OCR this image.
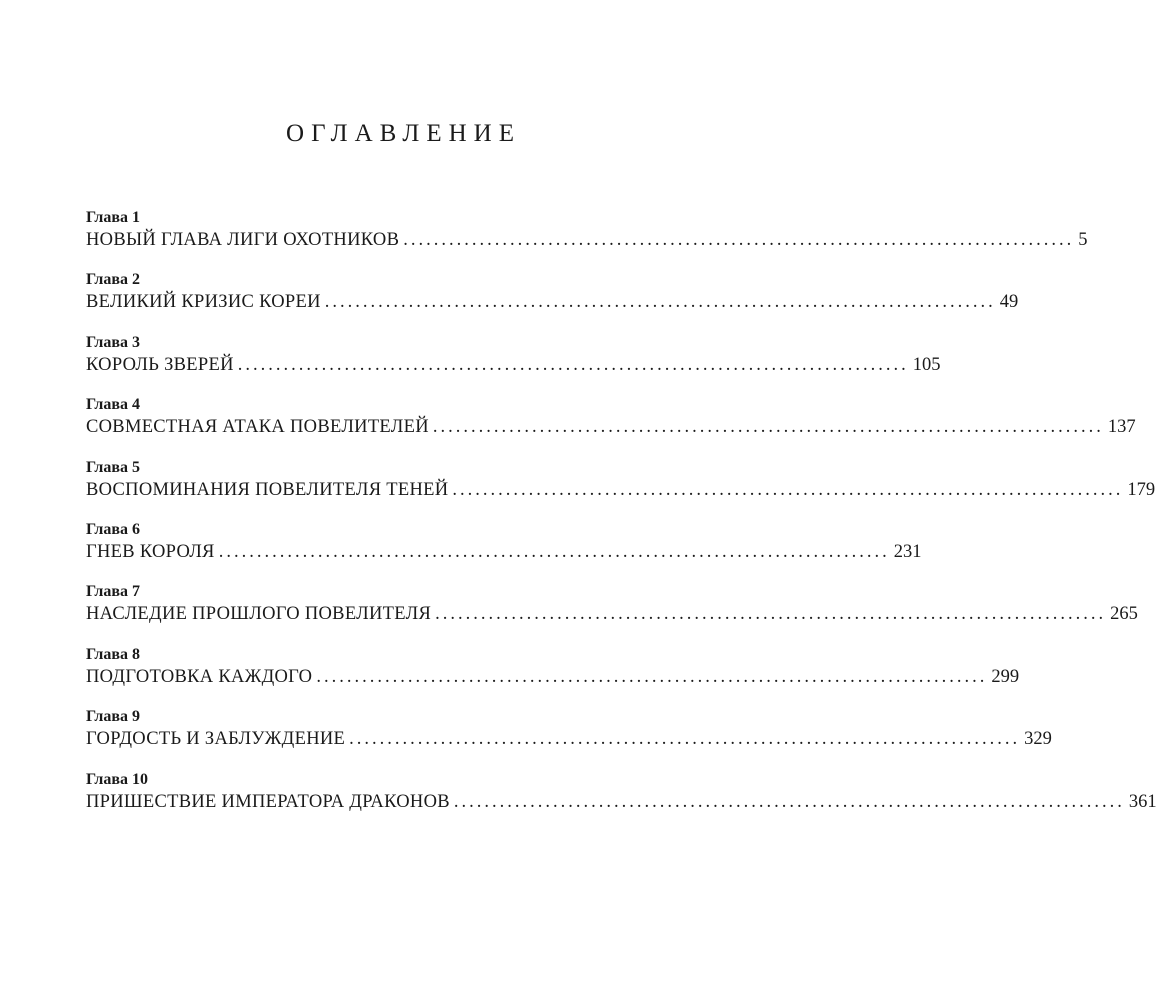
ОГЛАВЛЕНИЕ
Глава 1
НОВЫЙ ГЛАВА ЛИГИ ОХОТНИКОВ ........................................................................................ 5
Глава 2
ВЕЛИКИЙ КРИЗИС КОРЕИ ........................................................................................ 49
Глава 3
КОРОЛЬ ЗВЕРЕЙ ........................................................................................ 105
Глава 4
СОВМЕСТНАЯ АТАКА ПОВЕЛИТЕЛЕЙ ........................................................................................ 137
Глава 5
ВОСПОМИНАНИЯ ПОВЕЛИТЕЛЯ ТЕНЕЙ ........................................................................................ 179
Глава 6
ГНЕВ КОРОЛЯ ........................................................................................ 231
Глава 7
НАСЛЕДИЕ ПРОШЛОГО ПОВЕЛИТЕЛЯ ........................................................................................ 265
Глава 8
ПОДГОТОВКА КАЖДОГО ........................................................................................ 299
Глава 9
ГОРДОСТЬ И ЗАБЛУЖДЕНИЕ ........................................................................................ 329
Глава 10
ПРИШЕСТВИЕ ИМПЕРАТОРА ДРАКОНОВ ........................................................................................ 361
